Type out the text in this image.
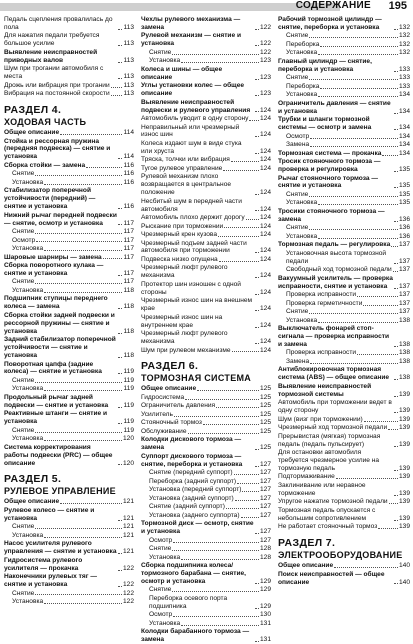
СОДЕРЖАНИЕ 195
Педаль сцепления провалилась до пола	113
Для нажатия педали требуется большое усилие	113
Выявление неисправностей приводных валов	113
Шум при трогании автомобиля с места	113
Дрожь или вибрация при трогании 113
Вибрация на постоянной скорости 113
РАЗДЕЛ 4.
ХОДОВАЯ ЧАСТЬ
Общее описание	114
Стойка и рессорная пружина (передняя подвеска) — снятие и установка	114
Сборка стойки — замена	116
Снятие	116
Установка	116
Стабилизатор поперечной устойчивости (передний) — снятие и установка	116
Нижний рычаг передней подвески — снятие, осмотр и установка	117
Снятие	117
Осмотр	117
Установка	117
Шаровые шарниры — замена	117
Сборка поворотного кулака — снятие и установка	117
Снятие	117
Установка	118
Подшипник ступицы переднего колеса — замена	118
Сборка стойки задней подвески и рессорной пружины — снятие и установка	118
Задний стабилизатор поперечной устойчивости — снятие и установка	118
Поворотная цапфа (задние колеса) — снятие и установка	119
Снятие	119
Установка	119
Продольный рычаг задней подвески — снятие и установка	119
Реактивные штанги — снятие и установка	119
Снятие	119
Установка	120
Система корректирования работы подвески (PRC) — общее описание	120
РАЗДЕЛ 5.
РУЛЕВОЕ УПРАВЛЕНИЕ
Общее описание	121
Рулевое колесо — снятие и установка	121
Снятие	121
Установка	121
Насос усилителя рулевого управления — снятие и установка 121
Гидросистема рулевого усилителя — прокачка	122
Наконечники рулевых тяг — снятие и установка	122
Снятие	122
Установка	122
Чехлы рулевого механизма — замена	122
Рулевой механизм — снятие и установка	122
Снятие	122
Установка	123
Колеса и шины — общее описание	123
Углы установки колес — общее описание	123
Выявление неисправностей подвески и рулевого управления	124
Автомобиль уводит в одну сторону 124
Неправильный или чрезмерный износ шин	124
Колеса издают шум в виде стука или хруста	124
Тряска, толчки или вибрация	124
Тугое рулевое управление	124
Рулевой механизм плохо возвращается в центральное положение	124
Несбитый шум в передней части автомобиля	124
Автомобиль плохо держит дорогу 124
Рыскание при торможении	124
Чрезмерный крен кузова	124
Чрезмерный подъем задней части автомобиля при торможении	124
Подвеска низко опущена	124
Чрезмерный люфт рулевого механизма	124
Протектор шин изношен с одной стороны	124
Чрезмерный износ шин на внешнем крае	124
Чрезмерный износ шин на внутреннем крае	124
Чрезмерный люфт рулевого механизма	124
Шум при рулевом механизме	124
РАЗДЕЛ 6.
ТОРМОЗНАЯ СИСТЕМА
Общее описание	125
Гидросистема	125
Ограничитель давления	125
Усилитель	125
Стояночный тормоз	125
Обслуживание	125
Колодки дискового тормоза — замена	125
Суппорт дискового тормоза — снятие, переборка и установка	127
Снятие (передний суппорт)	127
Переборка (задний суппорт)	127
Установка (передний суппорт)	127
Установка (задний суппорт)	127
Снятие (задний суппорт)	127
Установка (заднего суппорта)	127
Тормозной диск — осмотр, снятие и установка	127
Осмотр	127
Снятие	128
Установка	128
Сборка подшипника колеса/тормозного барабана — снятие, осмотр и установка	129
Снятие	129
Переборка осевого порта подшипника	129
Осмотр	130
Установка	131
Колодки барабанного тормоза — замена	131
Рабочий тормозной цилиндр — снятие, переборка и установка	132
Снятие	132
Переборка	132
Установка	132
Главный цилиндр — снятие, переборка и установка	133
Снятие	133
Переборка	133
Установка	134
Ограничитель давления — снятие и установка	134
Трубки и шланги тормозной системы — осмотр и замена	134
Осмотр	134
Замена	134
Тормозная система — прокачка	134
Тросик стояночного тормоза — проверка и регулировка	135
Рычаг стояночного тормоза — снятие и установка	135
Снятие	135
Установка	135
Тросики стояночного тормоза — замена	136
Снятие	136
Установка	136
Тормозная педаль — регулировка 137
Установочная высота тормозной педали	137
Свободный ход тормозной педали 137
Вакуумный усилитель — проверка исправности, снятие и установка	137
Проверка исправности	137
Проверка герметичности	137
Снятие	137
Установка	138
Выключатель фонарей стоп-сигнала — проверка исправности и замена	138
Проверка исправности	138
Замена	138
Антиблокировочная тормозная система (ABS) — общее описание	138
Выявление неисправностей тормозной системы	139
Автомобиль при торможении ведет в одну сторону	139
Шум (визг при торможении)	139
Чрезмерный ход тормозной педали 139
Прерывистая (мягкая) тормозная педаль (педаль пульсирует)	139
Для остановки автомобиля требуется чрезмерное усилие на тормозную педаль	139
Подтормаживание	139
Заклинивание или неравное торможение	139
Упругое нажатие тормозной педали 139
Тормозная педаль опускается с небольшим сопротивлением	139
Не работает стояночный тормоз	139
РАЗДЕЛ 7.
ЭЛЕКТРООБОРУДОВАНИЕ
Общее описание	140
Поиск неисправностей — общее описание	140
